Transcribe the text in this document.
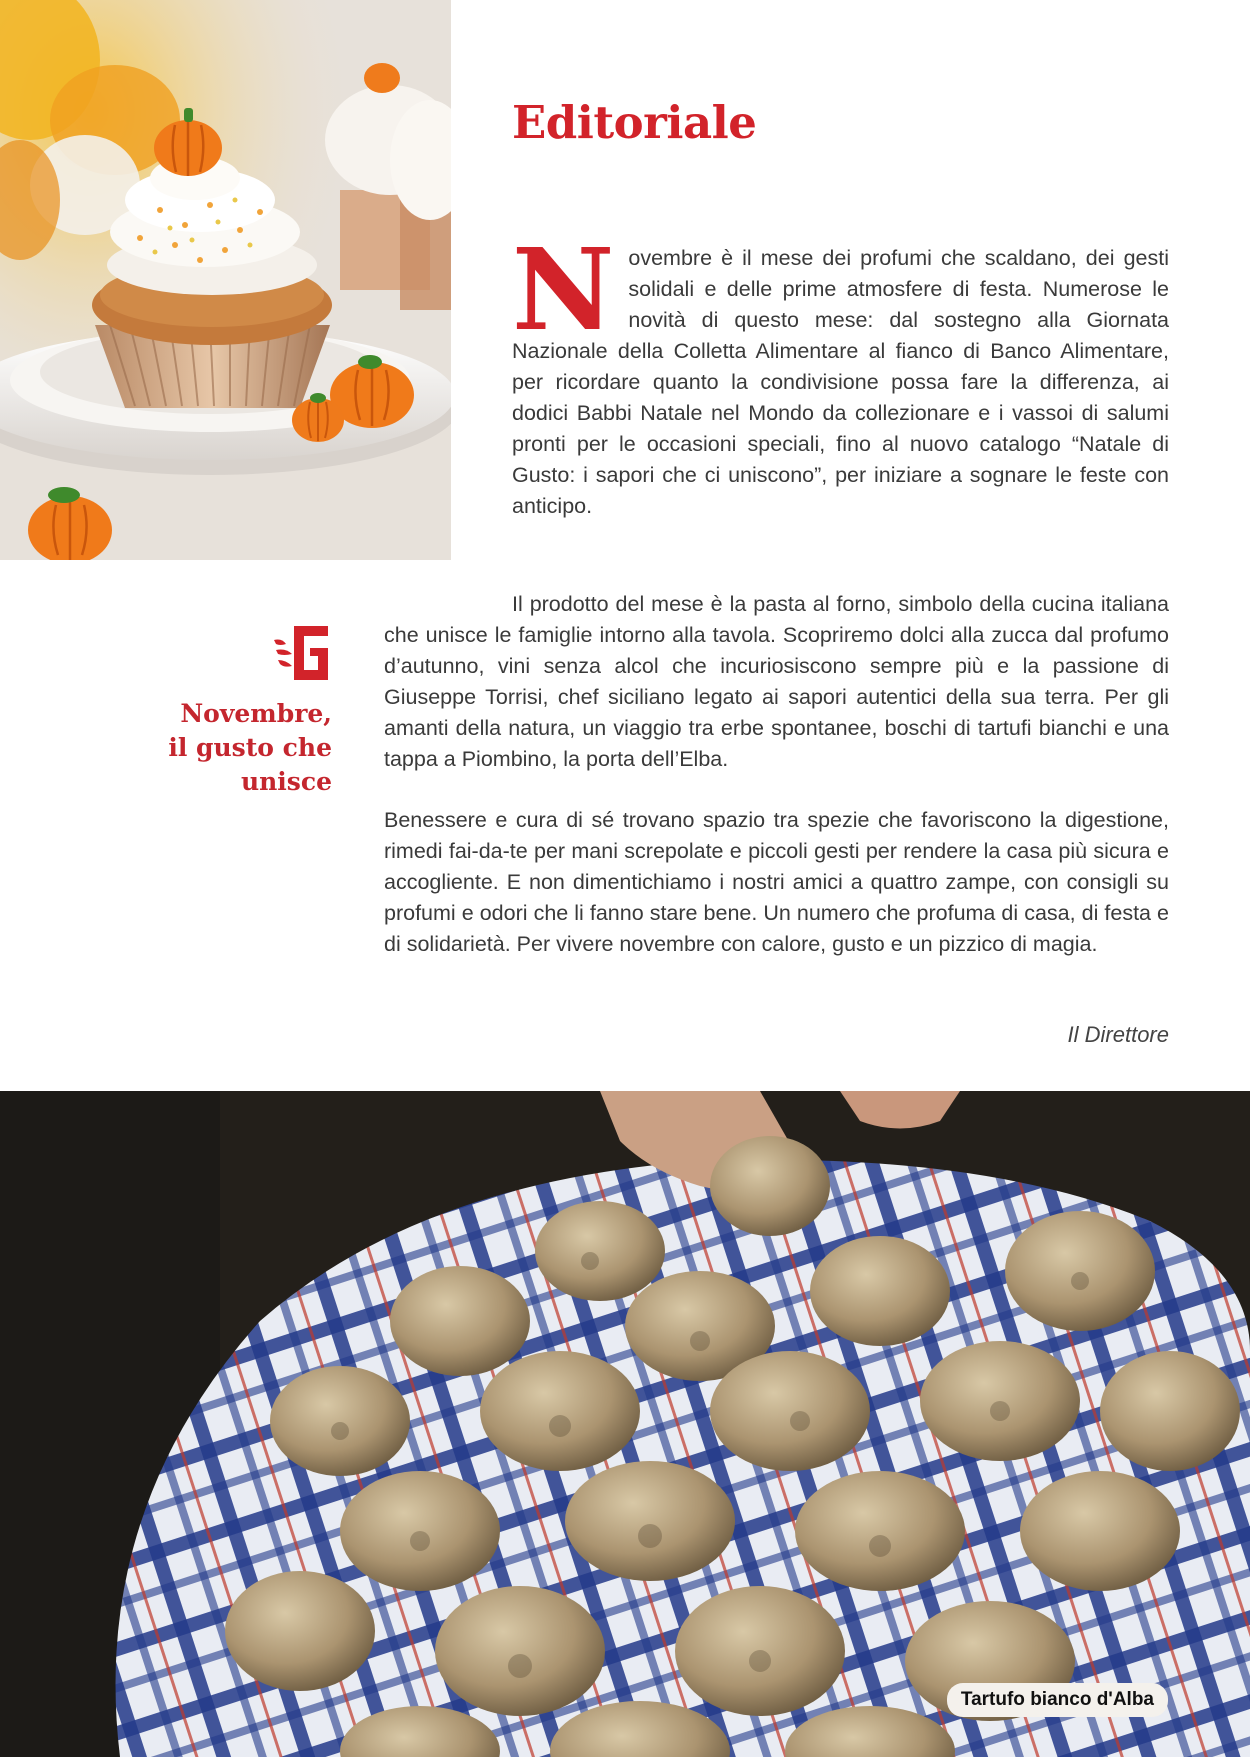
Editoriale
N ovembre è il mese dei profumi che scaldano, dei gesti solidali e delle prime atmosfere di festa. Numerose le novità di questo mese: dal sostegno alla Giornata Nazionale della Colletta Alimentare al fianco di Banco Alimentare, per ricordare quanto la condivisione possa fare la differenza, ai dodici Babbi Natale nel Mondo da collezionare e i vassoi di salumi pronti per le occasioni speciali, fino al nuovo catalogo “Natale di Gusto: i sapori che ci uniscono”, per iniziare a sognare le feste con anticipo.

Novembre,
il gusto che
unisce

Il prodotto del mese è la pasta al forno, simbolo della cucina italiana che unisce le famiglie intorno alla tavola. Scopriremo dolci alla zucca dal profumo d’autunno, vini senza alcol che incuriosiscono sempre più e la passione di Giuseppe Torrisi, chef siciliano legato ai sapori autentici della sua terra. Per gli amanti della natura, un viaggio tra erbe spontanee, boschi di tartufi bianchi e una tappa a Piombino, la porta dell’Elba.

Benessere e cura di sé trovano spazio tra spezie che favoriscono la digestione, rimedi fai-da-te per mani screpolate e piccoli gesti per rendere la casa più sicura e accogliente. E non dimentichiamo i nostri amici a quattro zampe, con consigli su profumi e odori che li fanno stare bene. Un numero che profuma di casa, di festa e di solidarietà. Per vivere novembre con calore, gusto e un pizzico di magia.

Il Direttore

Tartufo bianco d'Alba
